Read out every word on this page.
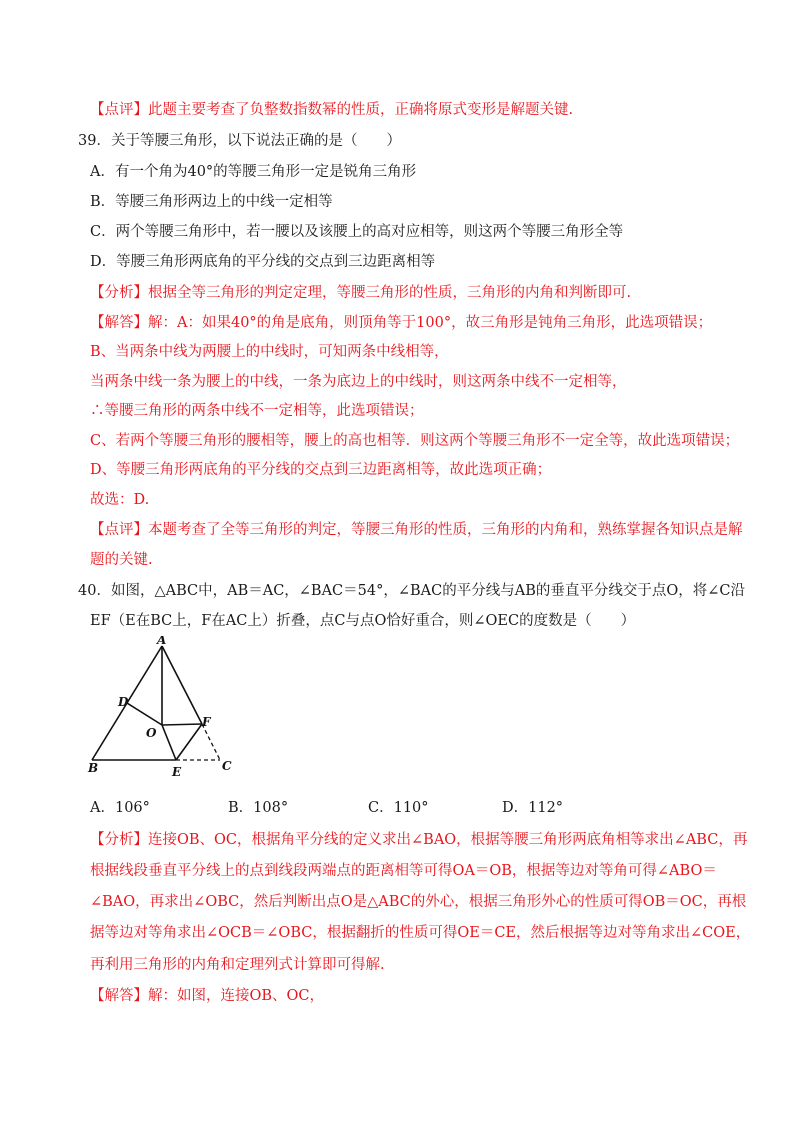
【点评】此题主要考查了负整数指数幂的性质，正确将原式变形是解题关键.
39．关于等腰三角形，以下说法正确的是（　　）
A．有一个角为40°的等腰三角形一定是锐角三角形
B．等腰三角形两边上的中线一定相等
C．两个等腰三角形中，若一腰以及该腰上的高对应相等，则这两个等腰三角形全等
D．等腰三角形两底角的平分线的交点到三边距离相等
【分析】根据全等三角形的判定定理，等腰三角形的性质，三角形的内角和判断即可.
【解答】解：A：如果40°的角是底角，则顶角等于100°，故三角形是钝角三角形，此选项错误；
B、当两条中线为两腰上的中线时，可知两条中线相等，
当两条中线一条为腰上的中线，一条为底边上的中线时，则这两条中线不一定相等，
∴等腰三角形的两条中线不一定相等，此选项错误；
C、若两个等腰三角形的腰相等，腰上的高也相等．则这两个等腰三角形不一定全等，故此选项错误；
D、等腰三角形两底角的平分线的交点到三边距离相等，故此选项正确；
故选：D.
【点评】本题考查了全等三角形的判定，等腰三角形的性质，三角形的内角和，熟练掌握各知识点是解
题的关键.
40．如图，△ABC中，AB＝AC，∠BAC＝54°，∠BAC的平分线与AB的垂直平分线交于点O，将∠C沿
EF（E在BC上，F在AC上）折叠，点C与点O恰好重合，则∠OEC的度数是（　　）
A
B	C
D
E
F
O
A．106°	B．108°	C．110°	D．112°
【分析】连接OB、OC，根据角平分线的定义求出∠BAO，根据等腰三角形两底角相等求出∠ABC，再
根据线段垂直平分线上的点到线段两端点的距离相等可得OA＝OB，根据等边对等角可得∠ABO＝
∠BAO，再求出∠OBC，然后判断出点O是△ABC的外心，根据三角形外心的性质可得OB＝OC，再根
据等边对等角求出∠OCB＝∠OBC，根据翻折的性质可得OE＝CE，然后根据等边对等角求出∠COE，
再利用三角形的内角和定理列式计算即可得解.
【解答】解：如图，连接OB、OC，
